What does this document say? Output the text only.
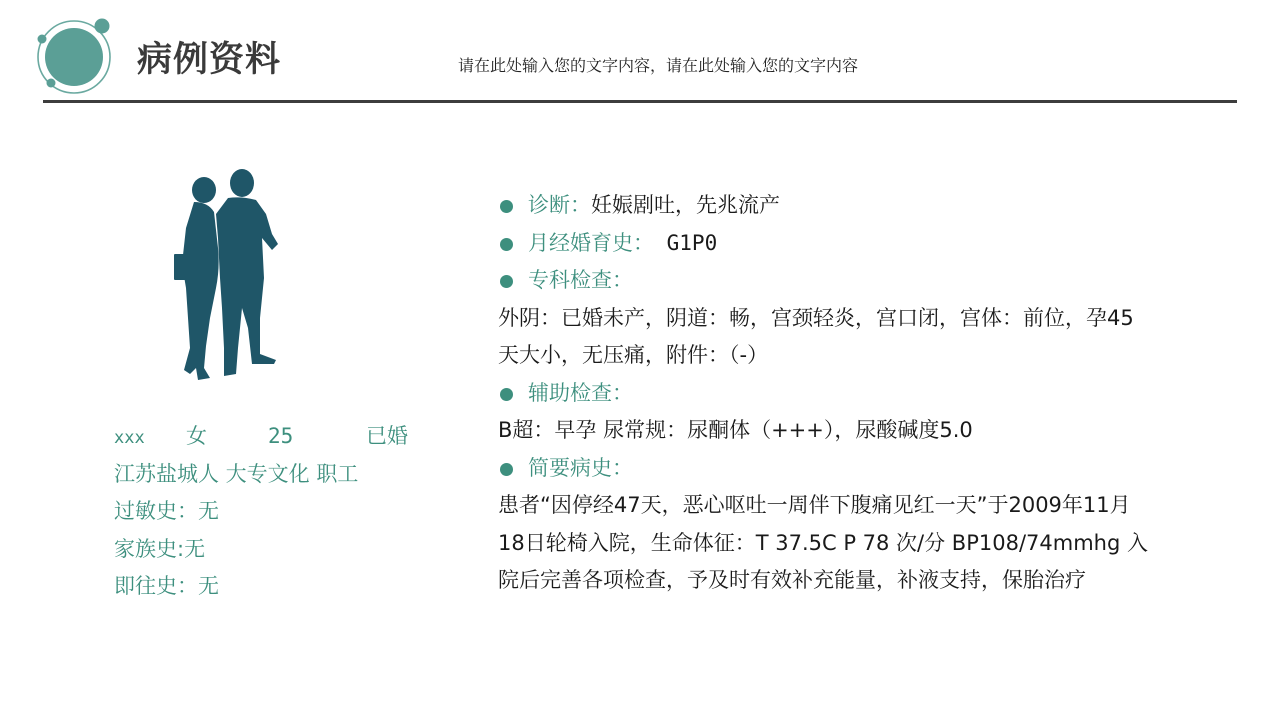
病例资料	请在此处输入您的文字内容，请在此处输入您的文字内容
xxx 女	25	已婚
江苏盐城人 大专文化 职工
过敏史：无
家族史:无
即往史：无
诊断：妊娠剧吐，先兆流产
月经婚育史： G1P0
专科检查：
外阴：已婚未产，阴道：畅，宫颈轻炎，宫口闭，宫体：前位，孕45
天大小，无压痛，附件：（-）
辅助检查：
B超：早孕 尿常规：尿酮体（+++），尿酸碱度5.0
简要病史：
患者“因停经47天，恶心呕吐一周伴下腹痛见红一天”于2009年11月
18日轮椅入院，生命体征：T 37.5C P 78 次/分 BP108/74mmhg 入
院后完善各项检查，予及时有效补充能量，补液支持，保胎治疗
